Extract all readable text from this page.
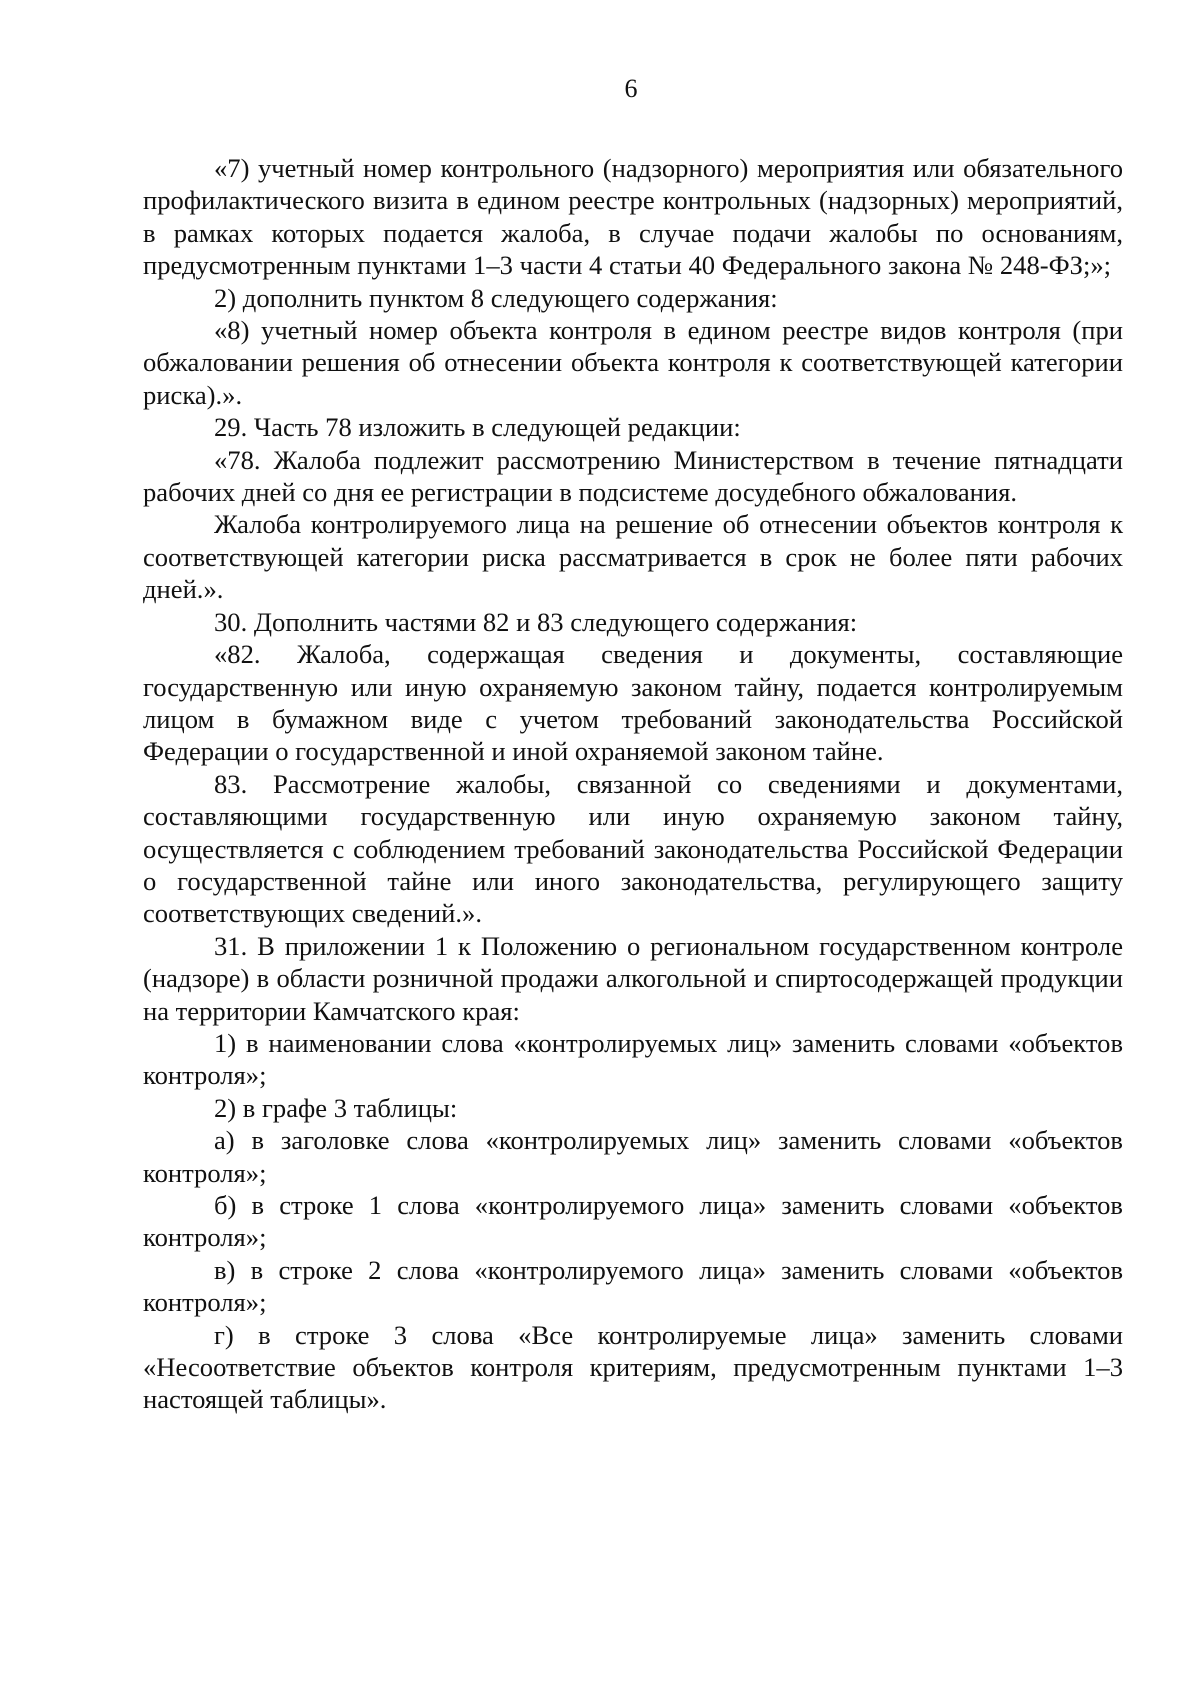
6

«7) учетный номер контрольного (надзорного) мероприятия или обязательного профилактического визита в едином реестре контрольных (надзорных) мероприятий, в рамках которых подается жалоба, в случае подачи жалобы по основаниям, предусмотренным пунктами 1–3 части 4 статьи 40 Федерального закона № 248-ФЗ;»;

2) дополнить пунктом 8 следующего содержания:

«8) учетный номер объекта контроля в едином реестре видов контроля (при обжаловании решения об отнесении объекта контроля к соответствующей категории риска).».

29. Часть 78 изложить в следующей редакции:

«78. Жалоба подлежит рассмотрению Министерством в течение пятнадцати рабочих дней со дня ее регистрации в подсистеме досудебного обжалования.

Жалоба контролируемого лица на решение об отнесении объектов контроля к соответствующей категории риска рассматривается в срок не более пяти рабочих дней.».

30. Дополнить частями 82 и 83 следующего содержания:

«82. Жалоба, содержащая сведения и документы, составляющие государственную или иную охраняемую законом тайну, подается контролируемым лицом в бумажном виде с учетом требований законодательства Российской Федерации о государственной и иной охраняемой законом тайне.

83. Рассмотрение жалобы, связанной со сведениями и документами, составляющими государственную или иную охраняемую законом тайну, осуществляется с соблюдением требований законодательства Российской Федерации о государственной тайне или иного законодательства, регулирующего защиту соответствующих сведений.».

31. В приложении 1 к Положению о региональном государственном контроле (надзоре) в области розничной продажи алкогольной и спиртосодержащей продукции на территории Камчатского края:

1) в наименовании слова «контролируемых лиц» заменить словами «объектов контроля»;

2) в графе 3 таблицы:

а) в заголовке слова «контролируемых лиц» заменить словами «объектов контроля»;

б) в строке 1 слова «контролируемого лица» заменить словами «объектов контроля»;

в) в строке 2 слова «контролируемого лица» заменить словами «объектов контроля»;

г) в строке 3 слова «Все контролируемые лица» заменить словами «Несоответствие объектов контроля критериям, предусмотренным пунктами 1–3 настоящей таблицы».
